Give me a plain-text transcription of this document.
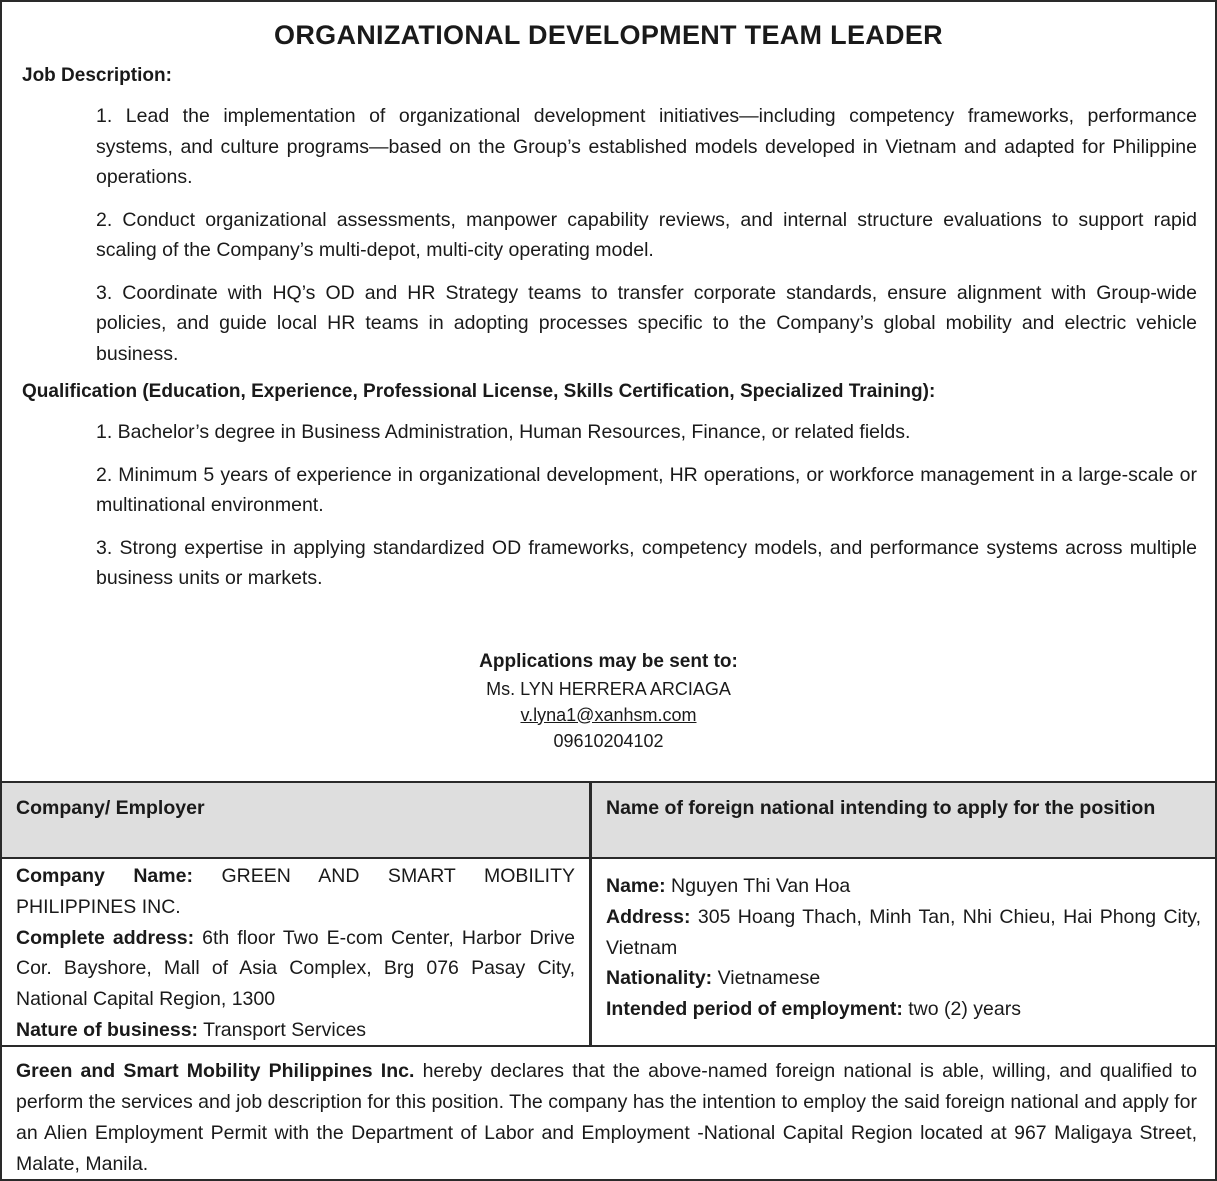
ORGANIZATIONAL DEVELOPMENT TEAM LEADER
Job Description:
1. Lead the implementation of organizational development initiatives—including competency frameworks, performance systems, and culture programs—based on the Group’s established models developed in Vietnam and adapted for Philippine operations.
2. Conduct organizational assessments, manpower capability reviews, and internal structure evaluations to support rapid scaling of the Company’s multi-depot, multi-city operating model.
3. Coordinate with HQ’s OD and HR Strategy teams to transfer corporate standards, ensure alignment with Group-wide policies, and guide local HR teams in adopting processes specific to the Company’s global mobility and electric vehicle business.
Qualification (Education, Experience, Professional License, Skills Certification, Specialized Training):
1. Bachelor’s degree in Business Administration, Human Resources, Finance, or related fields.
2. Minimum 5 years of experience in organizational development, HR operations, or workforce management in a large-scale or multinational environment.
3. Strong expertise in applying standardized OD frameworks, competency models, and performance systems across multiple business units or markets.
Applications may be sent to:
Ms. LYN HERRERA ARCIAGA
v.lyna1@xanhsm.com
09610204102
Company/ Employer	Name of foreign national intending to apply for the position
Company Name: GREEN AND SMART MOBILITY PHILIPPINES INC.
Complete address: 6th floor Two E-com Center, Harbor Drive Cor. Bayshore, Mall of Asia Complex, Brg 076 Pasay City, National Capital Region, 1300
Nature of business: Transport Services
Name: Nguyen Thi Van Hoa
Address: 305 Hoang Thach, Minh Tan, Nhi Chieu, Hai Phong City, Vietnam
Nationality: Vietnamese
Intended period of employment: two (2) years
Green and Smart Mobility Philippines Inc. hereby declares that the above-named foreign national is able, willing, and qualified to perform the services and job description for this position. The company has the intention to employ the said foreign national and apply for an Alien Employment Permit with the Department of Labor and Employment -National Capital Region located at 967 Maligaya Street, Malate, Manila.
